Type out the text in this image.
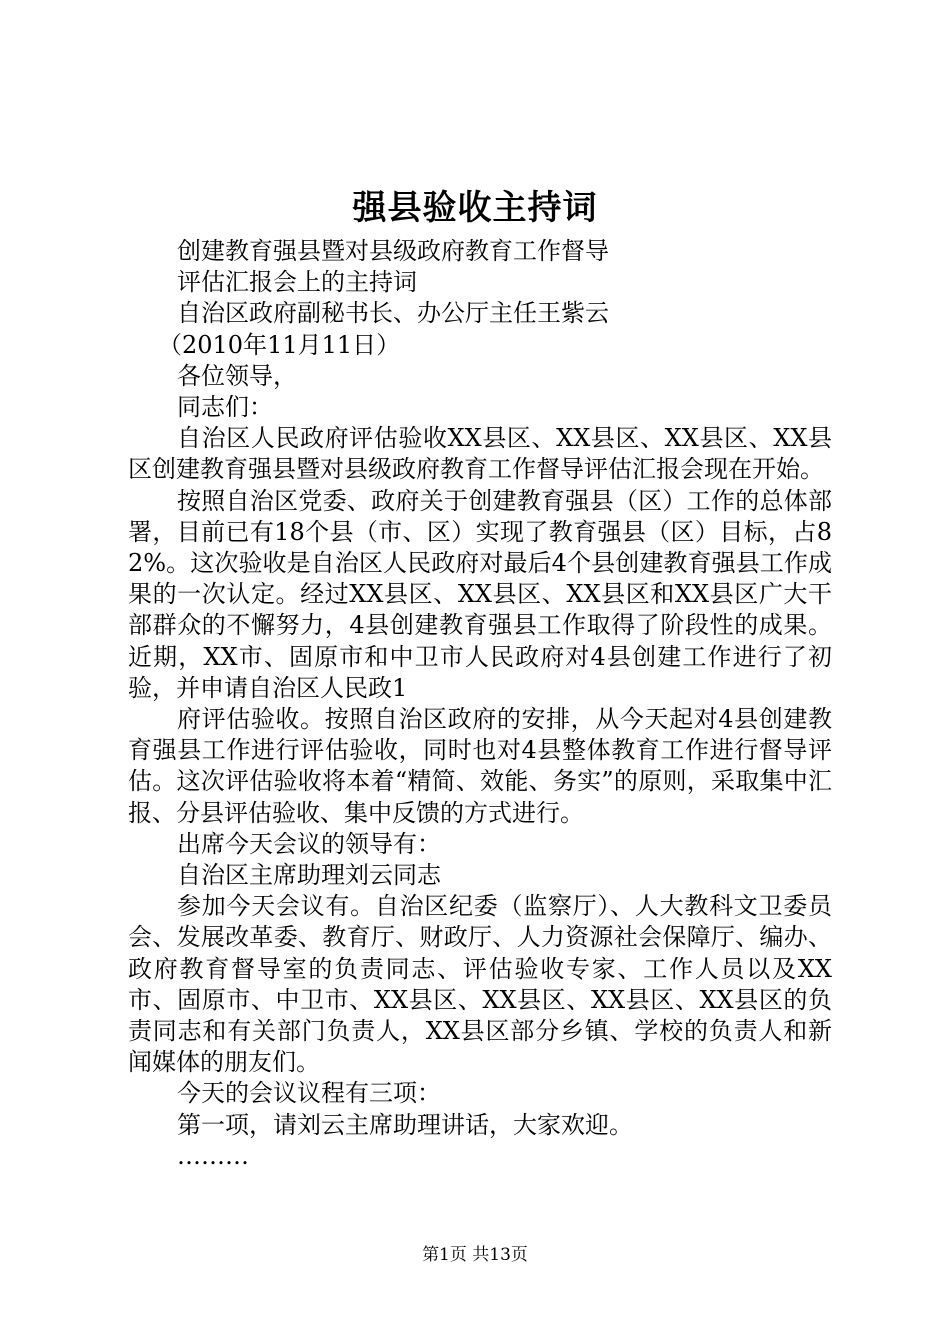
强县验收主持词

创建教育强县暨对县级政府教育工作督导

评估汇报会上的主持词

自治区政府副秘书长、办公厅主任王紫云

（2010年11月11日）

各位领导，

同志们：

自治区人民政府评估验收XX县区、XX县区、XX县区、XX县区创建教育强县暨对县级政府教育工作督导评估汇报会现在开始。

按照自治区党委、政府关于创建教育强县（区）工作的总体部署，目前已有18个县（市、区）实现了教育强县（区）目标，占82%。这次验收是自治区人民政府对最后4个县创建教育强县工作成果的一次认定。经过XX县区、XX县区、XX县区和XX县区广大干部群众的不懈努力，4县创建教育强县工作取得了阶段性的成果。近期，XX市、固原市和中卫市人民政府对4县创建工作进行了初验，并申请自治区人民政1

府评估验收。按照自治区政府的安排，从今天起对4县创建教育强县工作进行评估验收，同时也对4县整体教育工作进行督导评估。这次评估验收将本着“精简、效能、务实”的原则，采取集中汇报、分县评估验收、集中反馈的方式进行。

出席今天会议的领导有：

自治区主席助理刘云同志

参加今天会议有。自治区纪委（监察厅）、人大教科文卫委员会、发展改革委、教育厅、财政厅、人力资源社会保障厅、编办、政府教育督导室的负责同志、评估验收专家、工作人员以及XX市、固原市、中卫市、XX县区、XX县区、XX县区、XX县区的负责同志和有关部门负责人，XX县区部分乡镇、学校的负责人和新闻媒体的朋友们。

今天的会议议程有三项：

第一项，请刘云主席助理讲话，大家欢迎。

………

第1页 共13页
